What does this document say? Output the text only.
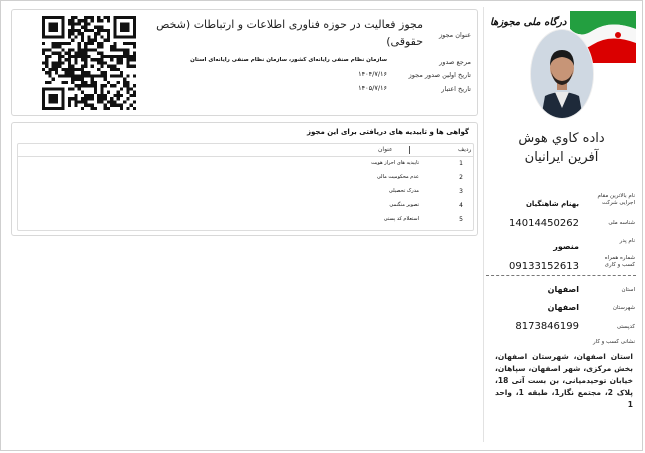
مجوز فعالیت در حوزه فناوری اطلاعات و ارتباطات (شخص حقوقی) عنوان مجوز
مرجع صدور
سازمان نظام صنفی رایانه‌ای کشور، سازمان نظام صنفی رایانه‌ای استان
تاریخ اولین صدور مجوز
۱۴۰۴/۷/۱۶
تاریخ اعتبار
۱۴۰۵/۷/۱۶
گواهی ها و تاییدیه های دریافتی برای این مجوز
ردیف
عنوان
1
تاییدیه های احراز هویت
2
عدم محکومیت مالی
3
مدرک تحصیلی
4
تصویر منگنمی
5
استعلام کد پستی
درگاه ملی مجوزها
داده کاوي هوش
آفرين ايرانيان
نام بالاترین مقام اجرایی شرکت
بهنام شاهنگيان
شناسه ملی
14014450262
نام پدر
منصور
شماره همراه کسب و کاری
09133152613
استان
اصفهان
شهرستان
اصفهان
کدپستی
8173846199
نشانی کسب و کار
استان اصفهان، شهرستان اصفهان، بخش مرکزی، شهر اصفهان، سپاهان، خیابان توحیدمیانی، بن بست آتی 18، پلاک 2، مجتمع نگار1، طبقه 1، واحد 1
